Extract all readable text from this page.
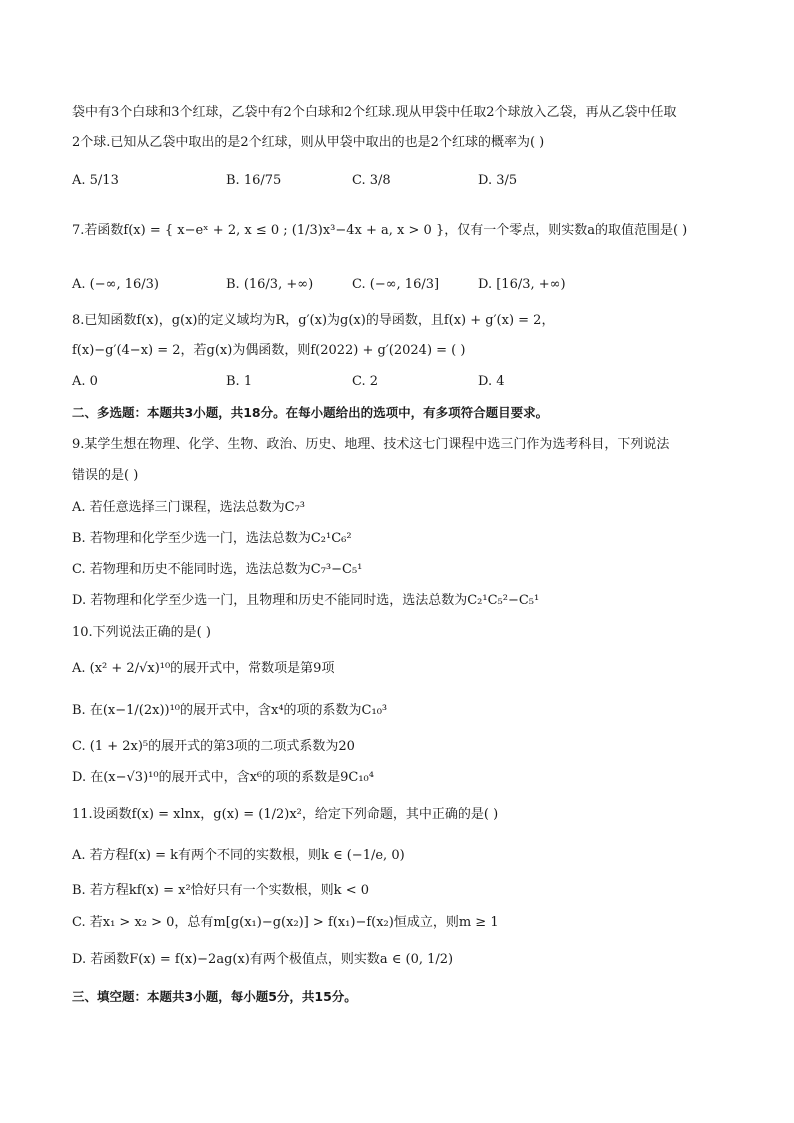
袋中有3个白球和3个红球，乙袋中有2个白球和2个红球.现从甲袋中任取2个球放入乙袋，再从乙袋中任取
2个球.已知从乙袋中取出的是2个红球，则从甲袋中取出的也是2个红球的概率为( )
A. 5/13	B. 16/75	C. 3/8	D. 3/5
7.若函数f(x) = { x−eˣ + 2, x ≤ 0 ; (1/3)x³−4x + a, x > 0 }，仅有一个零点，则实数a的取值范围是( )
A. (−∞, 16/3)	B. (16/3, +∞)	C. (−∞, 16/3]	D. [16/3, +∞)
8.已知函数f(x)，g(x)的定义域均为R，g′(x)为g(x)的导函数，且f(x) + g′(x) = 2，
f(x)−g′(4−x) = 2，若g(x)为偶函数，则f(2022) + g′(2024) = ( )
A. 0	B. 1	C. 2	D. 4
二、多选题：本题共3小题，共18分。在每小题给出的选项中，有多项符合题目要求。
9.某学生想在物理、化学、生物、政治、历史、地理、技术这七门课程中选三门作为选考科目，下列说法
错误的是( )
A. 若任意选择三门课程，选法总数为C₇³
B. 若物理和化学至少选一门，选法总数为C₂¹C₆²
C. 若物理和历史不能同时选，选法总数为C₇³−C₅¹
D. 若物理和化学至少选一门，且物理和历史不能同时选，选法总数为C₂¹C₅²−C₅¹
10.下列说法正确的是( )
A. (x² + 2/√x)¹⁰的展开式中，常数项是第9项
B. 在(x−1/(2x))¹⁰的展开式中，含x⁴的项的系数为C₁₀³
C. (1 + 2x)⁵的展开式的第3项的二项式系数为20
D. 在(x−√3)¹⁰的展开式中，含x⁶的项的系数是9C₁₀⁴
11.设函数f(x) = xlnx，g(x) = (1/2)x²，给定下列命题，其中正确的是( )
A. 若方程f(x) = k有两个不同的实数根，则k ∈ (−1/e, 0)
B. 若方程kf(x) = x²恰好只有一个实数根，则k < 0
C. 若x₁ > x₂ > 0，总有m[g(x₁)−g(x₂)] > f(x₁)−f(x₂)恒成立，则m ≥ 1
D. 若函数F(x) = f(x)−2ag(x)有两个极值点，则实数a ∈ (0, 1/2)
三、填空题：本题共3小题，每小题5分，共15分。
